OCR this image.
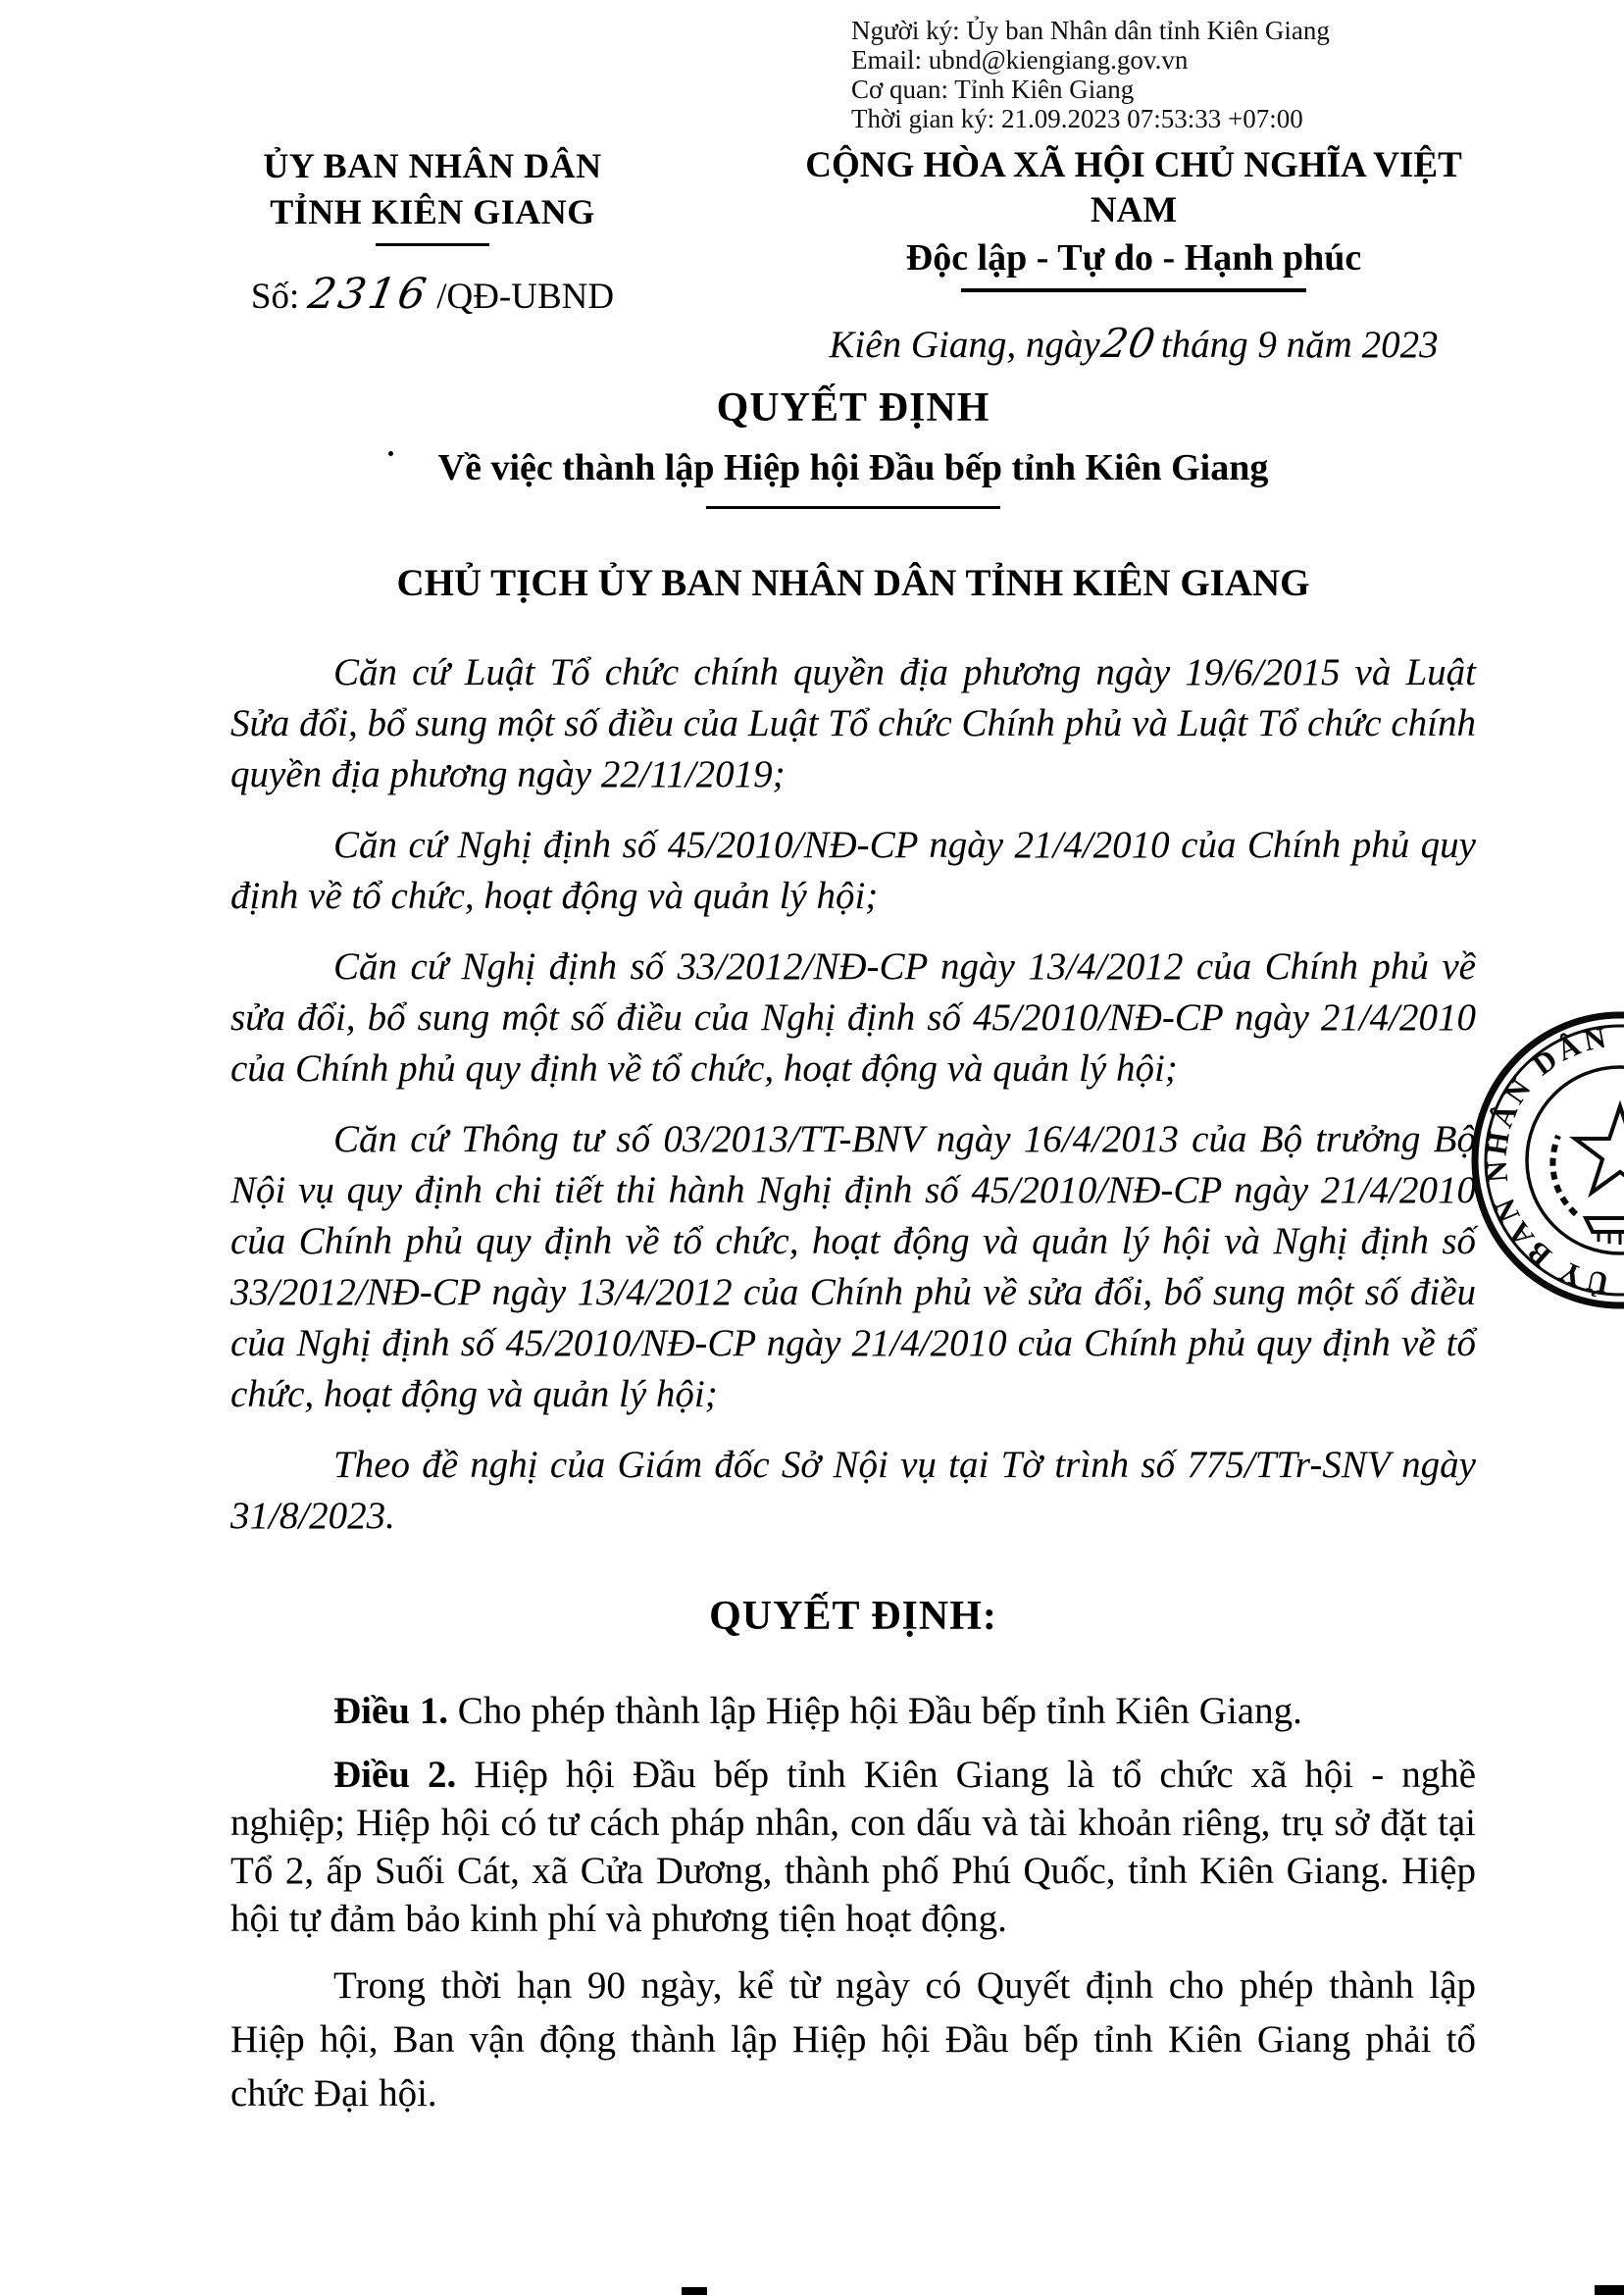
Người ký: Ủy ban Nhân dân tỉnh Kiên Giang
Email: ubnd@kiengiang.gov.vn
Cơ quan: Tỉnh Kiên Giang
Thời gian ký: 21.09.2023 07:53:33 +07:00
ỦY BAN NHÂN DÂN
TỈNH KIÊN GIANG
Số: 2316 /QĐ-UBND
CỘNG HÒA XÃ HỘI CHỦ NGHĨA VIỆT NAM
Độc lập - Tự do - Hạnh phúc
Kiên Giang, ngày20tháng 9 năm 2023
QUYẾT ĐỊNH
Về việc thành lập Hiệp hội Đầu bếp tỉnh Kiên Giang
CHỦ TỊCH ỦY BAN NHÂN DÂN TỈNH KIÊN GIANG

Căn cứ Luật Tổ chức chính quyền địa phương ngày 19/6/2015 và Luật Sửa đổi, bổ sung một số điều của Luật Tổ chức Chính phủ và Luật Tổ chức chính quyền địa phương ngày 22/11/2019;

Căn cứ Nghị định số 45/2010/NĐ-CP ngày 21/4/2010 của Chính phủ quy định về tổ chức, hoạt động và quản lý hội;

Căn cứ Nghị định số 33/2012/NĐ-CP ngày 13/4/2012 của Chính phủ về sửa đổi, bổ sung một số điều của Nghị định số 45/2010/NĐ-CP ngày 21/4/2010 của Chính phủ quy định về tổ chức, hoạt động và quản lý hội;

Căn cứ Thông tư số 03/2013/TT-BNV ngày 16/4/2013 của Bộ trưởng Bộ Nội vụ quy định chi tiết thi hành Nghị định số 45/2010/NĐ-CP ngày 21/4/2010 của Chính phủ quy định về tổ chức, hoạt động và quản lý hội và Nghị định số 33/2012/NĐ-CP ngày 13/4/2012 của Chính phủ về sửa đổi, bổ sung một số điều của Nghị định số 45/2010/NĐ-CP ngày 21/4/2010 của Chính phủ quy định về tổ chức, hoạt động và quản lý hội;

Theo đề nghị của Giám đốc Sở Nội vụ tại Tờ trình số 775/TTr-SNV ngày 31/8/2023.

QUYẾT ĐỊNH:

Điều 1. Cho phép thành lập Hiệp hội Đầu bếp tỉnh Kiên Giang.

Điều 2. Hiệp hội Đầu bếp tỉnh Kiên Giang là tổ chức xã hội - nghề nghiệp; Hiệp hội có tư cách pháp nhân, con dấu và tài khoản riêng, trụ sở đặt tại Tổ 2, ấp Suối Cát, xã Cửa Dương, thành phố Phú Quốc, tỉnh Kiên Giang. Hiệp hội tự đảm bảo kinh phí và phương tiện hoạt động.

Trong thời hạn 90 ngày, kể từ ngày có Quyết định cho phép thành lập Hiệp hội, Ban vận động thành lập Hiệp hội Đầu bếp tỉnh Kiên Giang phải tổ chức Đại hội.

ỦY BAN NHÂN DÂN
